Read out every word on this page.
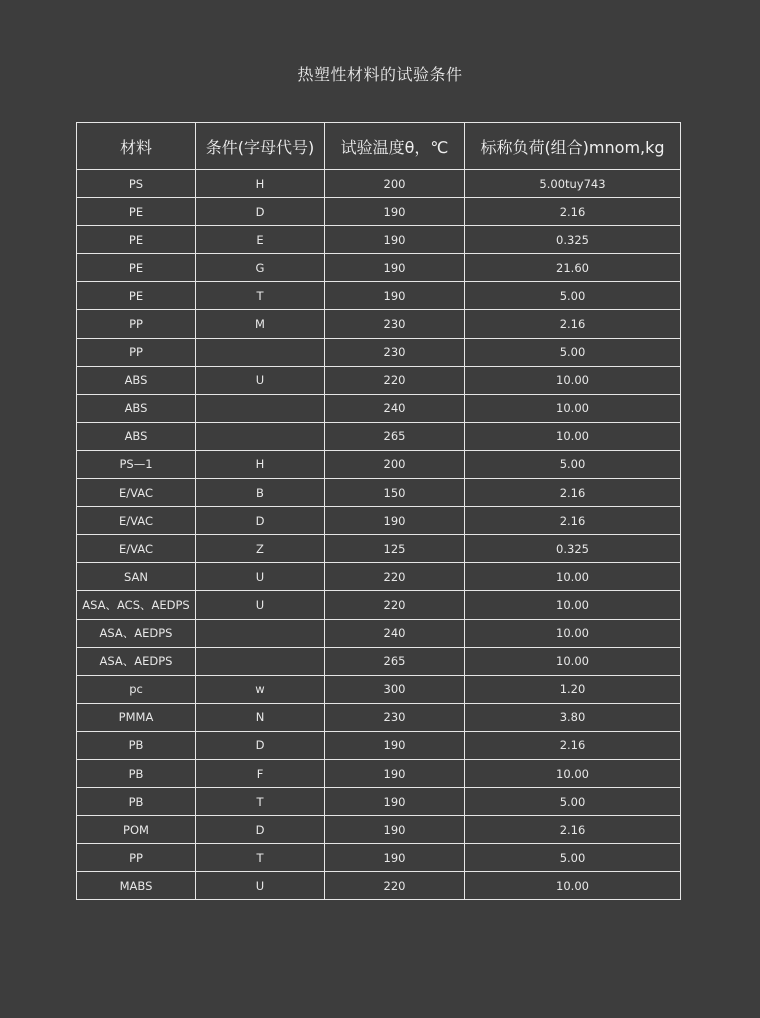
热塑性材料的试验条件
材料	条件(字母代号)	试验温度θ，℃	标称负荷(组合)mnom,kg
PS	H	200	5.00tuy743
PE	D	190	2.16
PE	E	190	0.325
PE	G	190	21.60
PE	T	190	5.00
PP	M	230	2.16
PP		230	5.00
ABS	U	220	10.00
ABS		240	10.00
ABS		265	10.00
PS—1	H	200	5.00
E/VAC	B	150	2.16
E/VAC	D	190	2.16
E/VAC	Z	125	0.325
SAN	U	220	10.00
ASA、ACS、AEDPS	U	220	10.00
ASA、AEDPS		240	10.00
ASA、AEDPS		265	10.00
pc	w	300	1.20
PMMA	N	230	3.80
PB	D	190	2.16
PB	F	190	10.00
PB	T	190	5.00
POM	D	190	2.16
PP	T	190	5.00
MABS	U	220	10.00
